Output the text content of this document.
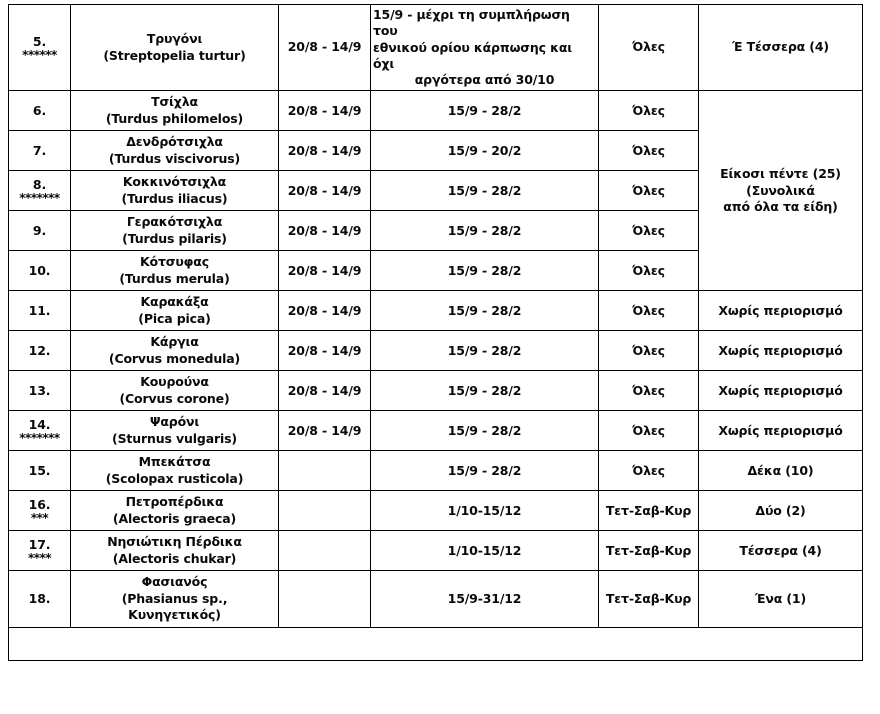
5.
******	Τρυγόνι
(Streptopelia turtur)	20/8 - 14/9	15/9 - μέχρι τη συμπλήρωση του
εθνικού ορίου κάρπωσης και όχι
αργότερα από 30/10	Όλες	Έ Τέσσερα (4)

6.	Τσίχλα
(Turdus philomelos)	20/8 - 14/9	15/9 - 28/2	Όλες	Είκοσι πέντε (25)
(Συνολικά
από όλα τα είδη)

7.	Δενδρότσιχλα
(Turdus viscivorus)	20/8 - 14/9	15/9 - 20/2	Όλες	

8.
*******	Κοκκινότσιχλα
(Turdus iliacus)	20/8 - 14/9	15/9 - 28/2	Όλες	

9.	Γερακότσιχλα
(Turdus pilaris)	20/8 - 14/9	15/9 - 28/2	Όλες	

10.	Κότσυφας
(Turdus merula)	20/8 - 14/9	15/9 - 28/2	Όλες	

11.	Καρακάξα
(Pica pica)	20/8 - 14/9	15/9 - 28/2	Όλες	Χωρίς περιορισμό

12.	Κάργια
(Corvus monedula)	20/8 - 14/9	15/9 - 28/2	Όλες	Χωρίς περιορισμό

13.	Κουρούνα
(Corvus corone)	20/8 - 14/9	15/9 - 28/2	Όλες	Χωρίς περιορισμό

14.
*******	Ψαρόνι
(Sturnus vulgaris)	20/8 - 14/9	15/9 - 28/2	Όλες	Χωρίς περιορισμό

15.	Μπεκάτσα
(Scolopax rusticola)		15/9 - 28/2	Όλες	Δέκα (10)

16.
***	Πετροπέρδικα
(Alectoris graeca)		1/10-15/12	Τετ-Σαβ-Κυρ	Δύο (2)

17.
****	Νησιώτικη Πέρδικα
(Alectoris chukar)		1/10-15/12	Τετ-Σαβ-Κυρ	Τέσσερα (4)

18.	Φασιανός
(Phasianus sp., Κυνηγετικός)		15/9-31/12	Τετ-Σαβ-Κυρ	Ένα (1)
